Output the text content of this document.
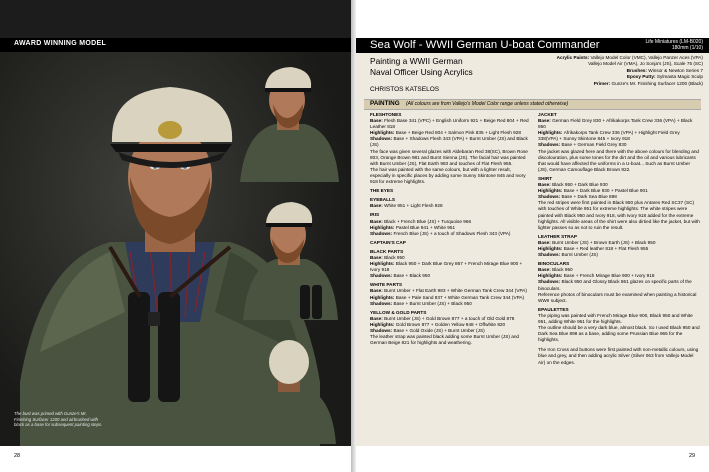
AWARD WINNING MODEL
The bust was primed with Gunze's Mr. Finishing Surfacer 1200 and airbrushed with black as a base for subsequent painting steps.
28
Sea Wolf - WWII German U-boat Commander	Life Miniatures (LM-B020)
180mm (1/10)
Painting a WWII German
Naval Officer Using Acrylics
CHRISTOS KATSELOS
Acrylic Paints: Vallejo Model Color (VMC), Vallejo Panzer Aces (VPA)
Vallejo Model Air (VMA), Jo Sonja's (JS), Scale 75 (SC)
Brushes: Winsor & Newton Series 7
Epoxy Putty: Sylmasta Magic Sculp
Primer: Gunze's Mr. Finishing Surfacer 1200 (Black)
PAINTING (All colours are from Vallejo's Model Color range unless stated otherwise)
FLESHTONES
Base: Flesh Base 341 (VPC) + English Uniform 921 + Beige Red 804 + Red Leather 818
Highlights: Base + Beige Red 804 + Salmon Pink 835 + Light Flesh 928
Shadows: Base + Shadows Flesh 343 (VPA) + Burnt Umber (JS) and Black (JS)
The face was given several glazes with Aldebaran Red 38(SC), Brown Rose 803, Orange Brown 981 and Burnt Sienna (JS). The facial hair was painted with Burnt Umber (JS), Flat Earth 983 and touches of Flat Flesh 955.
The hair was painted with the same colours, but with a lighter result, especially in specific places by adding some Sunny Skintone 845 and Ivory 918 for extreme highlights.
THE EYES
EYEBALLS
Base: White 951 + Light Flesh 928
IRIS
Base: Black + French Blue (JS) + Turquoise 966
Highlights: Pastel Blue 941 + White 951
Shadows: French Blue (JS) + a touch of Shadows Flesh 343 (VPA)
CAPTAIN'S CAP
BLACK PARTS
Base: Black 950
Highlights: Black 950 + Dark Blue Grey 867 + French Mirage Blue 900 + Ivory 918
Shadows: Base + Black 950
WHITE PARTS
Base: Burnt Umber + Flat Earth 983 + White German Tank Crew 344 (VPA)
Highlights: Base + Pale Sand 837 + White German Tank Crew 344 (VPA)
Shadows: Base + Burnt Umber (JS) + Black 950
YELLOW & GOLD PARTS
Base: Burnt Umber (JS) + Gold Brown 877 + a touch of Old Gold 878
Highlights: Gold Brown 877 + Golden Yellow 948 + Offwhite 820
Shadows: Base + Gold Oxide (JS) + Burnt Umber (JS)
The leather strap was painted black adding some Burnt Umber (JS) and German Beige 821 for highlights and weathering.
JACKET
Base: German Field Grey 830 + Afrikakorps Tank Crew 336 (VPA) + Black 950
Highlights: Afrikakorps Tank Crew 336 (VPA) + Highlight Field Grey 338(VPA) + Sunny Skintone 845 + Ivory 918
Shadows: Base + German Field Grey 830
The jacket was glazed here and there with the above colours for blending and discolouration, plus some tones for the dirt and the oil and various lubricants that would have affected the uniforms in a U-boat... Such as Burnt Umber (JS), German Camouflage Black Brown 822.
SHIRT
Base: Black 950 + Dark Blue 930
Highlights: Base + Dark Blue 930 + Pastel Blue 901
Shadows: Base + Dark Sea Blue 898
The red stripes were first painted in Black 950 plus Antares Red SC37 (SC) with touches of White 951 for extreme highlights. The white stripes were painted with Black 950 and Ivory 918, with Ivory 918 added for the extreme highlights. All visible areas of the shirt were also dirtied like the jacket, but with lighter passes so as not to ruin the result.
LEATHER STRAP
Base: Burnt Umber (JS) + Brown Earth (JS) + Black 950
Highlights: Base + Red leather 818 + Flat Flesh 955
Shadows: Burnt Umber (JS)
BINOCULARS
Base: Black 950
Highlights: Base + French Mirage Blue 900 + Ivory 918
Shadows: Black 950 and Glossy Black 861 glazes on specific parts of the binoculars.
Reference photos of binoculars must be examined when painting a historical WWII subject.
EPAULETTES
The piping was painted with French Mirage Blue 900, Black 950 and White 951, adding White 951 for the highlights.
The outline should be a very dark blue, almost black. So I used Black 950 and Dark Sea Blue 898 as a base, adding some Prussian Blue 965 for the highlights.
The Iron Cross and buttons were first painted with non-metallic colours, using blue and grey, and then adding acrylic Silver (Silver 063 from Vallejo Model Air) on the edges.
29
